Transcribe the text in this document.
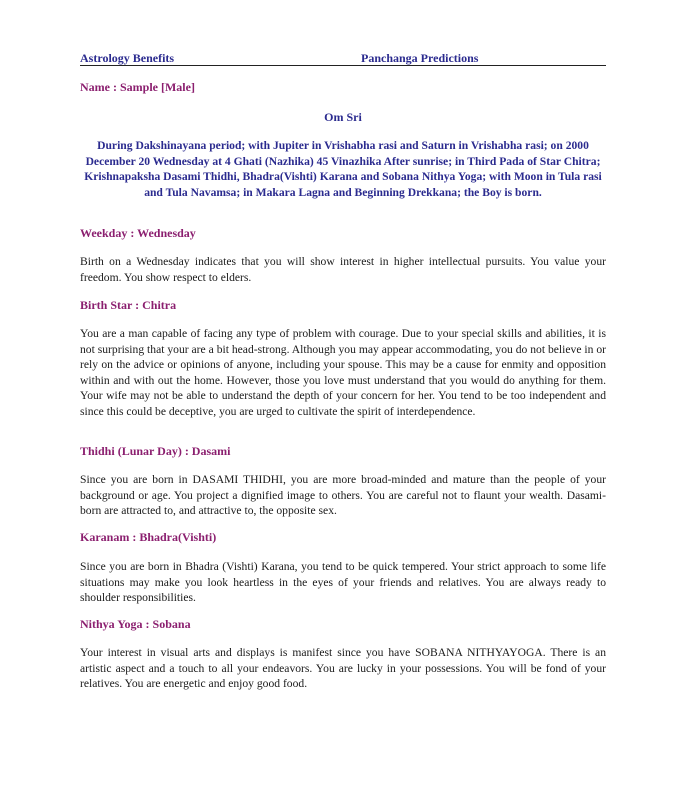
Astrology Benefits	Panchanga Predictions
Name : Sample [Male]
Om Sri
During Dakshinayana period; with Jupiter in Vrishabha rasi and Saturn in Vrishabha rasi; on 2000 December 20 Wednesday at 4 Ghati (Nazhika) 45 Vinazhika After sunrise; in Third Pada of Star Chitra; Krishnapaksha Dasami Thidhi, Bhadra(Vishti) Karana and Sobana Nithya Yoga; with Moon in Tula rasi and Tula Navamsa; in Makara Lagna and Beginning Drekkana; the Boy is born.
Weekday : Wednesday
Birth on a Wednesday indicates that you will show interest in higher intellectual pursuits. You value your freedom. You show respect to elders.
Birth Star : Chitra
You are a man capable of facing any type of problem with courage. Due to your special skills and abilities, it is not surprising that your are a bit head-strong. Although you may appear accommodating, you do not believe in or rely on the advice or opinions of anyone, including your spouse. This may be a cause for enmity and opposition within and with out the home. However, those you love must understand that you would do anything for them. Your wife may not be able to understand the depth of your concern for her. You tend to be too independent and since this could be deceptive, you are urged to cultivate the spirit of interdependence.
Thidhi (Lunar Day) : Dasami
Since you are born in DASAMI THIDHI, you are more broad-minded and mature than the people of your background or age. You project a dignified image to others. You are careful not to flaunt your wealth. Dasami-born are attracted to, and attractive to, the opposite sex.
Karanam : Bhadra(Vishti)
Since you are born in Bhadra (Vishti) Karana, you tend to be quick tempered. Your strict approach to some life situations may make you look heartless in the eyes of your friends and relatives. You are always ready to shoulder responsibilities.
Nithya Yoga : Sobana
Your interest in visual arts and displays is manifest since you have SOBANA NITHYAYOGA. There is an artistic aspect and a touch to all your endeavors. You are lucky in your possessions. You will be fond of your relatives. You are energetic and enjoy good food.
